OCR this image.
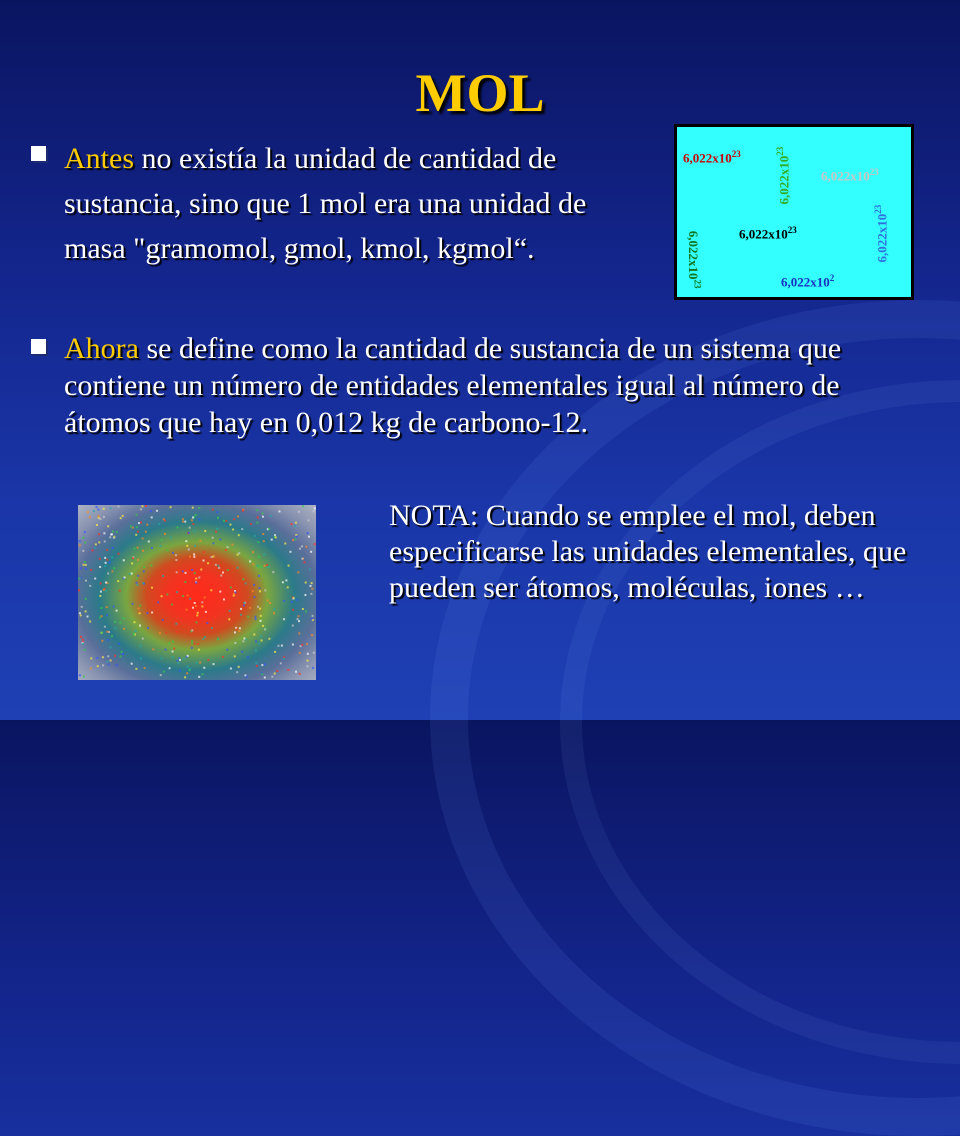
MOL
Antes no existía la unidad de cantidad de sustancia, sino que 1 mol era una unidad de masa "gramomol, gmol, kmol, kgmol“.
$6,022x10^{23}$
$6,022x10^{23}$
$6,022x10^{23}$
$6,022x10^{23}$
$6,022x10^{23}$
$6,022x10^{23}$	$6,022x10^2$
Ahora se define como la cantidad de sustancia de un sistema que contiene un número de entidades elementales igual al número de átomos que hay en 0,012 kg de carbono-12.
NOTA: Cuando se emplee el mol, deben especificarse las unidades elementales, que pueden ser átomos, moléculas, iones …
